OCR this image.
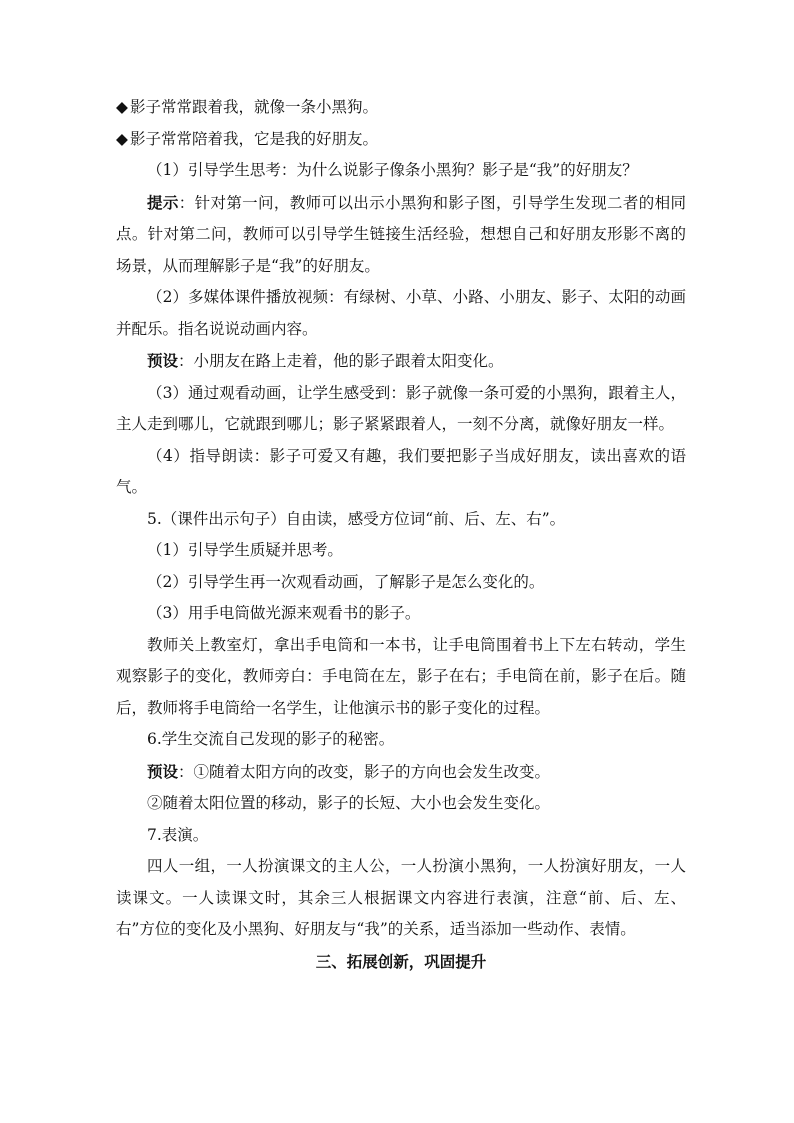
◆ 影子常常跟着我，就像一条小黑狗。

◆ 影子常常陪着我，它是我的好朋友。

（1）引导学生思考：为什么说影子像条小黑狗？影子是“我”的好朋友？

提示：针对第一问，教师可以出示小黑狗和影子图，引导学生发现二者的相同点。针对第二问，教师可以引导学生链接生活经验，想想自己和好朋友形影不离的场景，从而理解影子是“我”的好朋友。

（2）多媒体课件播放视频：有绿树、小草、小路、小朋友、影子、太阳的动画并配乐。指名说说动画内容。

预设：小朋友在路上走着，他的影子跟着太阳变化。

（3）通过观看动画，让学生感受到：影子就像一条可爱的小黑狗，跟着主人，主人走到哪儿，它就跟到哪儿；影子紧紧跟着人，一刻不分离，就像好朋友一样。

（4）指导朗读：影子可爱又有趣，我们要把影子当成好朋友，读出喜欢的语气。

5.（课件出示句子）自由读，感受方位词“前、后、左、右”。

（1）引导学生质疑并思考。

（2）引导学生再一次观看动画，了解影子是怎么变化的。

（3）用手电筒做光源来观看书的影子。

教师关上教室灯，拿出手电筒和一本书，让手电筒围着书上下左右转动，学生观察影子的变化，教师旁白：手电筒在左，影子在右；手电筒在前，影子在后。随后，教师将手电筒给一名学生，让他演示书的影子变化的过程。

6.学生交流自己发现的影子的秘密。

预设：①随着太阳方向的改变，影子的方向也会发生改变。

②随着太阳位置的移动，影子的长短、大小也会发生变化。

7.表演。

四人一组，一人扮演课文的主人公，一人扮演小黑狗，一人扮演好朋友，一人读课文。一人读课文时，其余三人根据课文内容进行表演，注意“前、后、左、右”方位的变化及小黑狗、好朋友与“我”的关系，适当添加一些动作、表情。

三、拓展创新，巩固提升
